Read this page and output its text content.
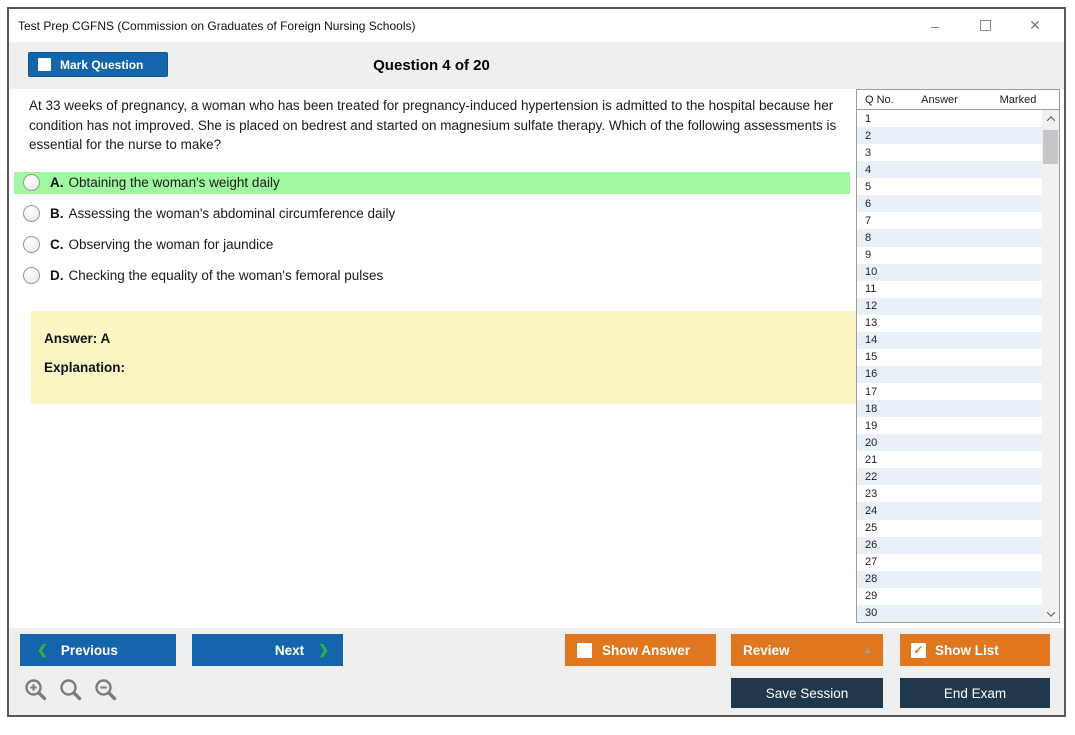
Test Prep CGFNS (Commission on Graduates of Foreign Nursing Schools)	–	✕
Mark Question	Question 4 of 20
At 33 weeks of pregnancy, a woman who has been treated for pregnancy-induced hypertension is admitted to the hospital because her condition has not improved. She is placed on bedrest and started on magnesium sulfate therapy. Which of the following assessments is essential for the nurse to make?
A. Obtaining the woman's weight daily
B. Assessing the woman's abdominal circumference daily
C. Observing the woman for jaundice
D. Checking the equality of the woman's femoral pulses
Answer: A
Explanation:
Q No.	Answer	Marked
1
2
3
4
5
6
7
8
9
10
11
12
13
14
15
16
17
18
19
20
21
22
23
24
25
26
27
28
29
30
❮ Previous	Next ❯	Show Answer	Review	▲	✓ Show List
Save Session	End Exam
